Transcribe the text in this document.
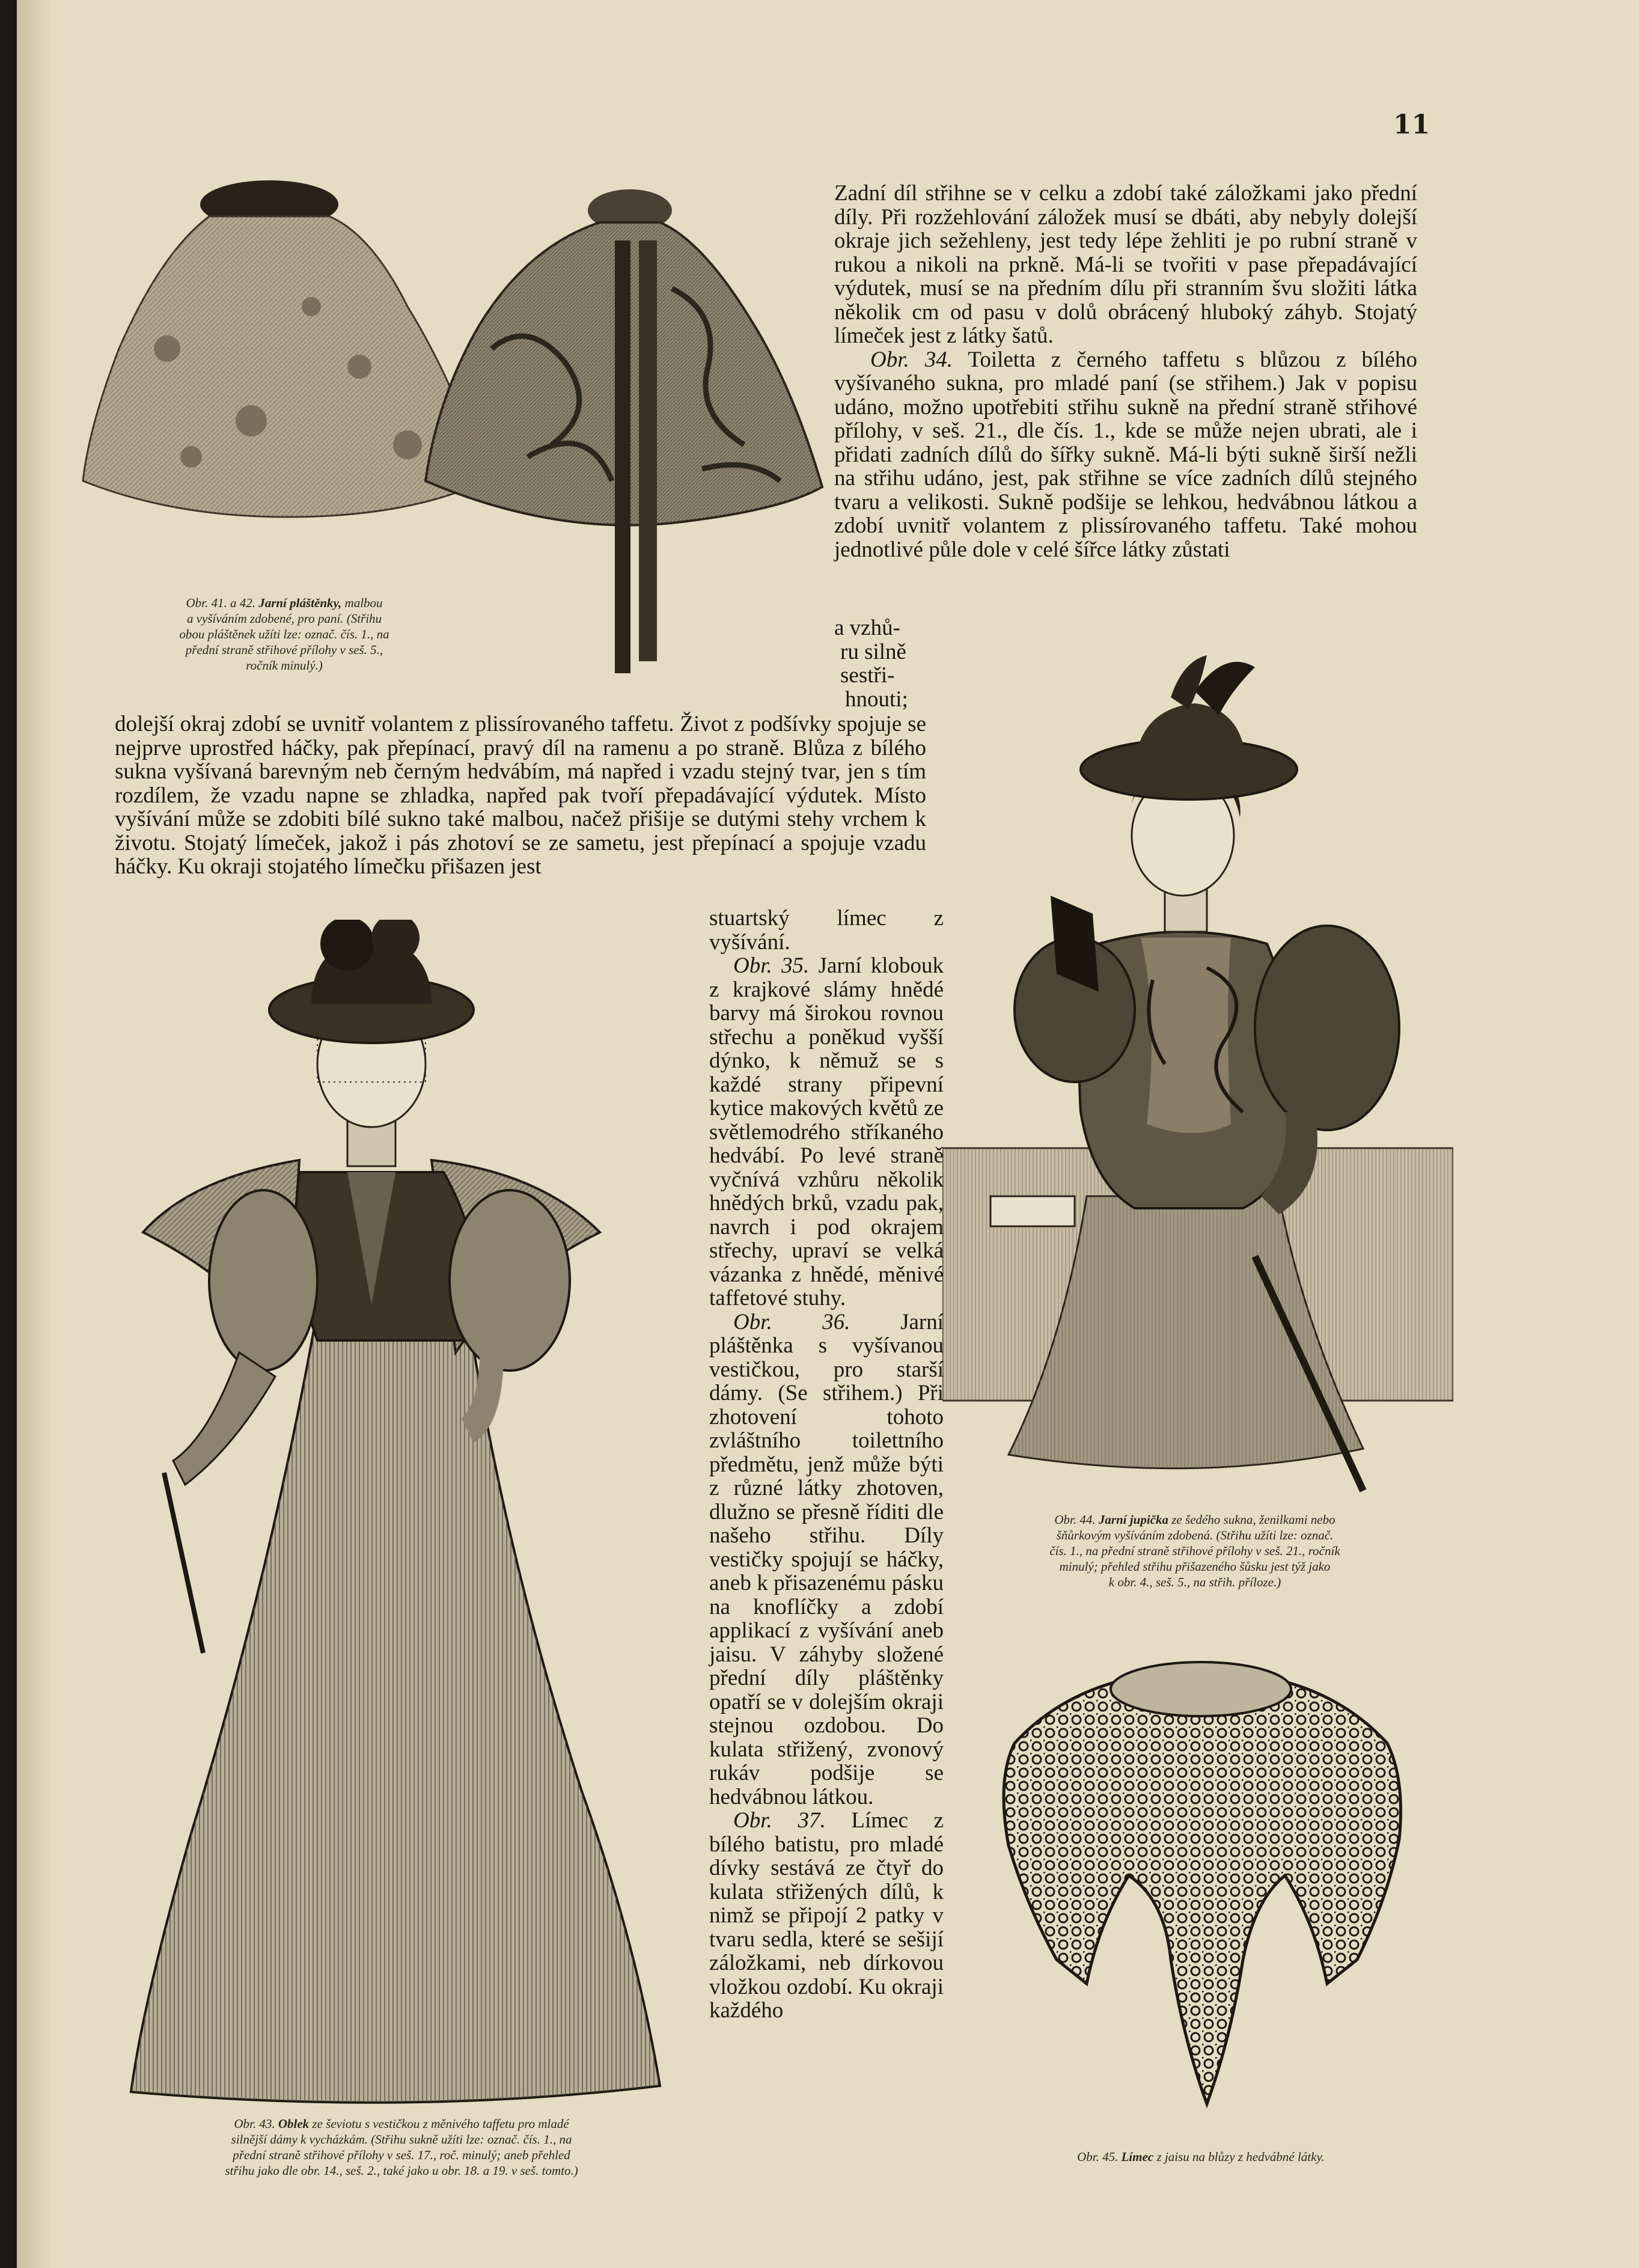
11
Obr. 41. a 42. Jarní pláštěnky, malbou
a vyšíváním zdobené, pro paní. (Střihu
obou pláštěnek užíti lze: označ. čís. 1., na
přední straně střihové přílohy v seš. 5.,
ročník minulý.)

Zadní díl střihne se v celku a zdobí také záložkami jako přední díly. Při rozžehlování záložek musí se dbáti, aby nebyly dolejší okraje jich sežehleny, jest tedy lépe žehliti je po rubní straně v rukou a nikoli na prkně. Má-li se tvořiti v pase přepadávající výdutek, musí se na předním dílu při stranním švu složiti látka několik cm od pasu v dolů obrácený hluboký záhyb. Stojatý límeček jest z látky šatů.

Obr. 34. Toiletta z černého taffetu s blůzou z bílého vyšívaného sukna, pro mladé paní (se střihem.) Jak v popisu udáno, možno upotřebiti střihu sukně na přední straně střihové přílohy, v seš. 21., dle čís. 1., kde se může nejen ubrati, ale i přidati zadních dílů do šířky sukně. Má-li býti sukně širší nežli na střihu udáno, jest, pak střihne se více zadních dílů stejného tvaru a velikosti. Sukně podšije se lehkou, hedvábnou látkou a zdobí uvnitř volantem z plissírovaného taffetu. Také mohou jednotlivé půle dole v celé šířce látky zůstati

a vzhů-
ru silně
sestři-
hnouti;

dolejší okraj zdobí se uvnitř volantem z plissírovaného taffetu. Život z podšívky spojuje se nejprve uprostřed háčky, pak přepínací, pravý díl na ramenu a po straně. Blůza z bílého sukna vyšívaná barevným neb černým hedvábím, má napřed i vzadu stejný tvar, jen s tím rozdílem, že vzadu napne se zhladka, napřed pak tvoří přepadávající výdutek. Místo vyšívání může se zdobiti bílé sukno také malbou, načež přišije se dutými stehy vrchem k životu. Stojatý límeček, jakož i pás zhotoví se ze sametu, jest přepínací a spojuje vzadu háčky. Ku okraji stojatého límečku přišazen jest

Obr. 44. Jarní jupička ze šedého sukna, ženilkami nebo
šňůrkovým vyšíváním zdobená. (Střihu užíti lze: označ.
čís. 1., na přední straně střihové přílohy v seš. 21., ročník
minulý; přehled střihu přišazeného šůsku jest týž jako
k obr. 4., seš. 5., na střih. příloze.)
Obr. 43. Oblek ze ševiotu s vestičkou z měnivého taffetu pro mladé
silnější dámy k vycházkám. (Střihu sukně užíti lze: označ. čís. 1., na
přední straně střihové přílohy v seš. 17., roč. minulý; aneb přehled
střihu jako dle obr. 14., seš. 2., také jako u obr. 18. a 19. v seš. tomto.)

stuartský límec z vyšívání.

Obr. 35. Jarní klobouk z krajkové slámy hnědé barvy má širokou rovnou střechu a poněkud vyšší dýnko, k němuž se s každé strany připevní kytice makových květů ze světlemodrého stříkaného hedvábí. Po levé straně vyčnívá vzhůru několik hnědých brků, vzadu pak, navrch i pod okrajem střechy, upraví se velká vázanka z hnědé, měnivé taffetové stuhy.

Obr. 36. Jarní pláštěnka s vyšívanou vestičkou, pro starší dámy. (Se střihem.) Při zhotovení tohoto zvláštního toilettního předmětu, jenž může býti z různé látky zhotoven, dlužno se přesně říditi dle našeho střihu. Díly vestičky spojují se háčky, aneb k přisazenému pásku na knoflíčky a zdobí applikací z vyšívání aneb jaisu. V záhyby složené přední díly pláštěnky opatří se v dolejším okraji stejnou ozdobou. Do kulata střižený, zvonový rukáv podšije se hedvábnou látkou.

Obr. 37. Límec z bílého batistu, pro mladé dívky sestává ze čtyř do kulata střižených dílů, k nimž se připojí 2 patky v tvaru sedla, které se sešijí záložkami, neb dírkovou vložkou ozdobí. Ku okraji každého

Obr. 45. Límec z jaisu na blůzy z hedvábné látky.
